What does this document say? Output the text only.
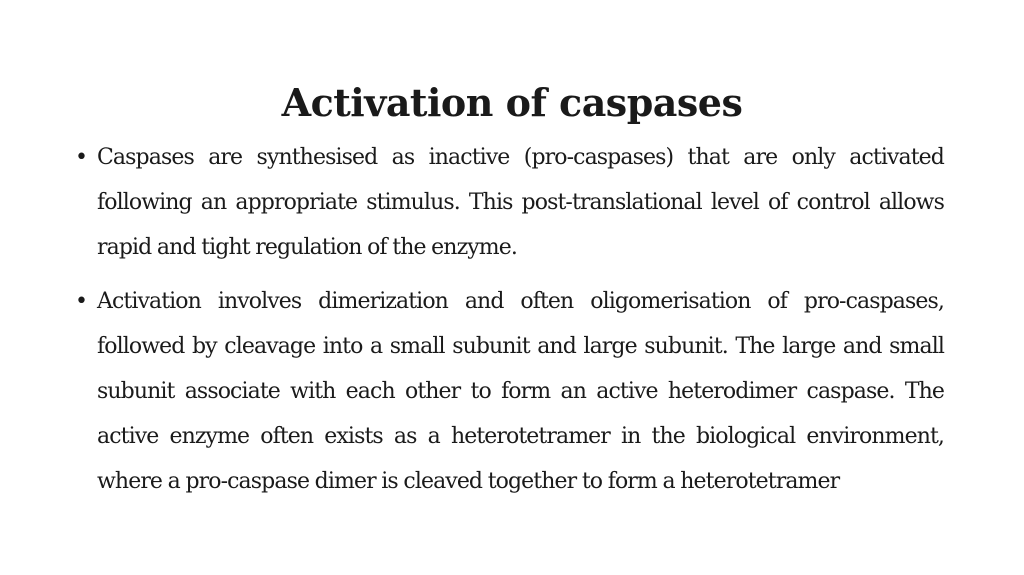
Activation of caspases
• Caspases are synthesised as inactive (pro-caspases) that are only activated following an appropriate stimulus. This post-translational level of control allows rapid and tight regulation of the enzyme.
• Activation involves dimerization and often oligomerisation of pro-caspases, followed by cleavage into a small subunit and large subunit. The large and small subunit associate with each other to form an active heterodimer caspase. The active enzyme often exists as a heterotetramer in the biological environment, where a pro-caspase dimer is cleaved together to form a heterotetramer
